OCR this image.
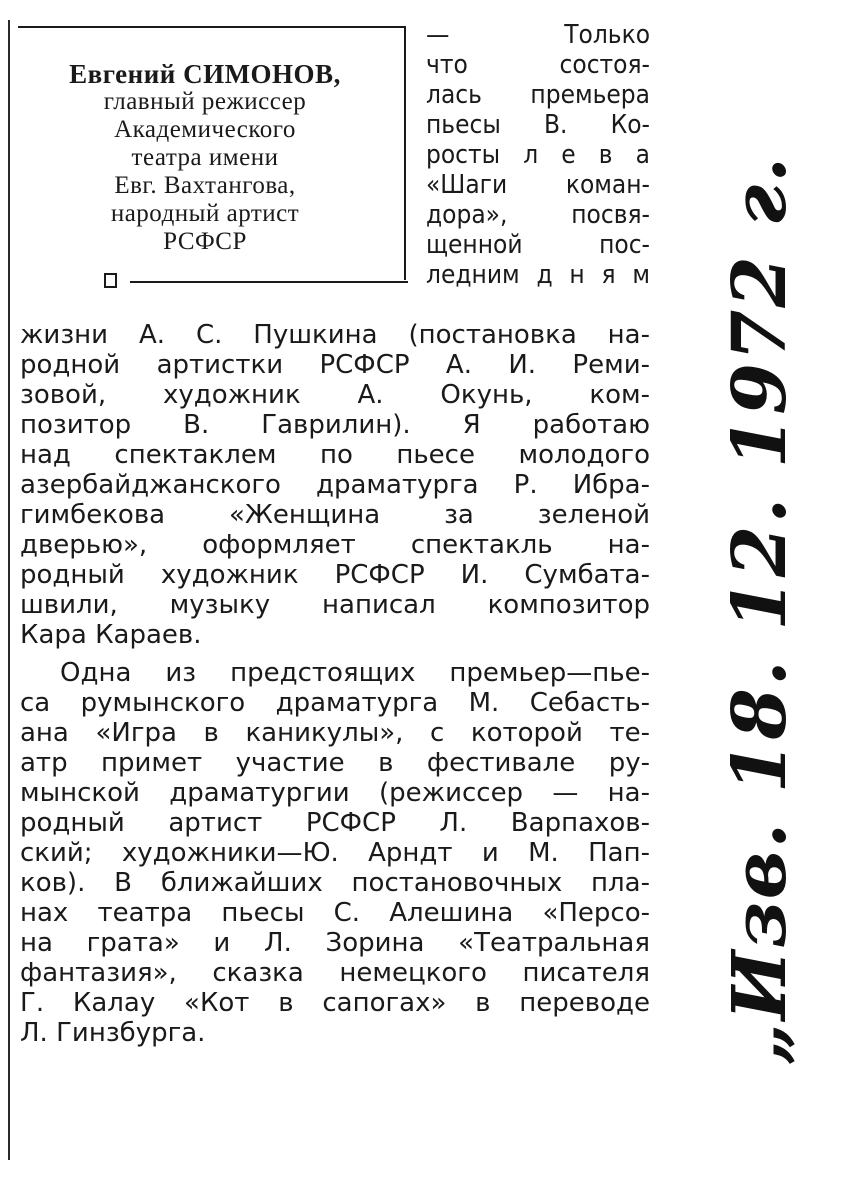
Евгений СИМОНОВ,
главный режиссер
Академического
театра имени
Евг. Вахтангова,
народный артист
РСФСР
— Только
что состоя-
лась премьера
пьесы В. Ко-
росты л е в а
«Шаги коман-
дора», посвя-
щенной пос-
ледним д н я м
жизни А. С. Пушкина (постановка на-
родной артистки РСФСР А. И. Реми-
зовой, художник А. Окунь, ком-
позитор В. Гаврилин). Я работаю
над спектаклем по пьесе молодого
азербайджанского драматурга Р. Ибра-
гимбекова «Женщина за зеленой
дверью», оформляет спектакль на-
родный художник РСФСР И. Сумбата-
швили, музыку написал композитор
Кара Караев.
Одна из предстоящих премьер—пье-
са румынского драматурга М. Себасть-
ана «Игра в каникулы», с которой те-
атр примет участие в фестивале ру-
мынской драматургии (режиссер — на-
родный артист РСФСР Л. Варпахов-
ский; художники—Ю. Арндт и М. Пап-
ков). В ближайших постановочных пла-
нах театра пьесы С. Алешина «Персо-
на грата» и Л. Зорина «Театральная
фантазия», сказка немецкого писателя
Г. Калау «Кот в сапогах» в переводе
Л. Гинзбурга.	„Изв. 18. 12. 1972 г.
